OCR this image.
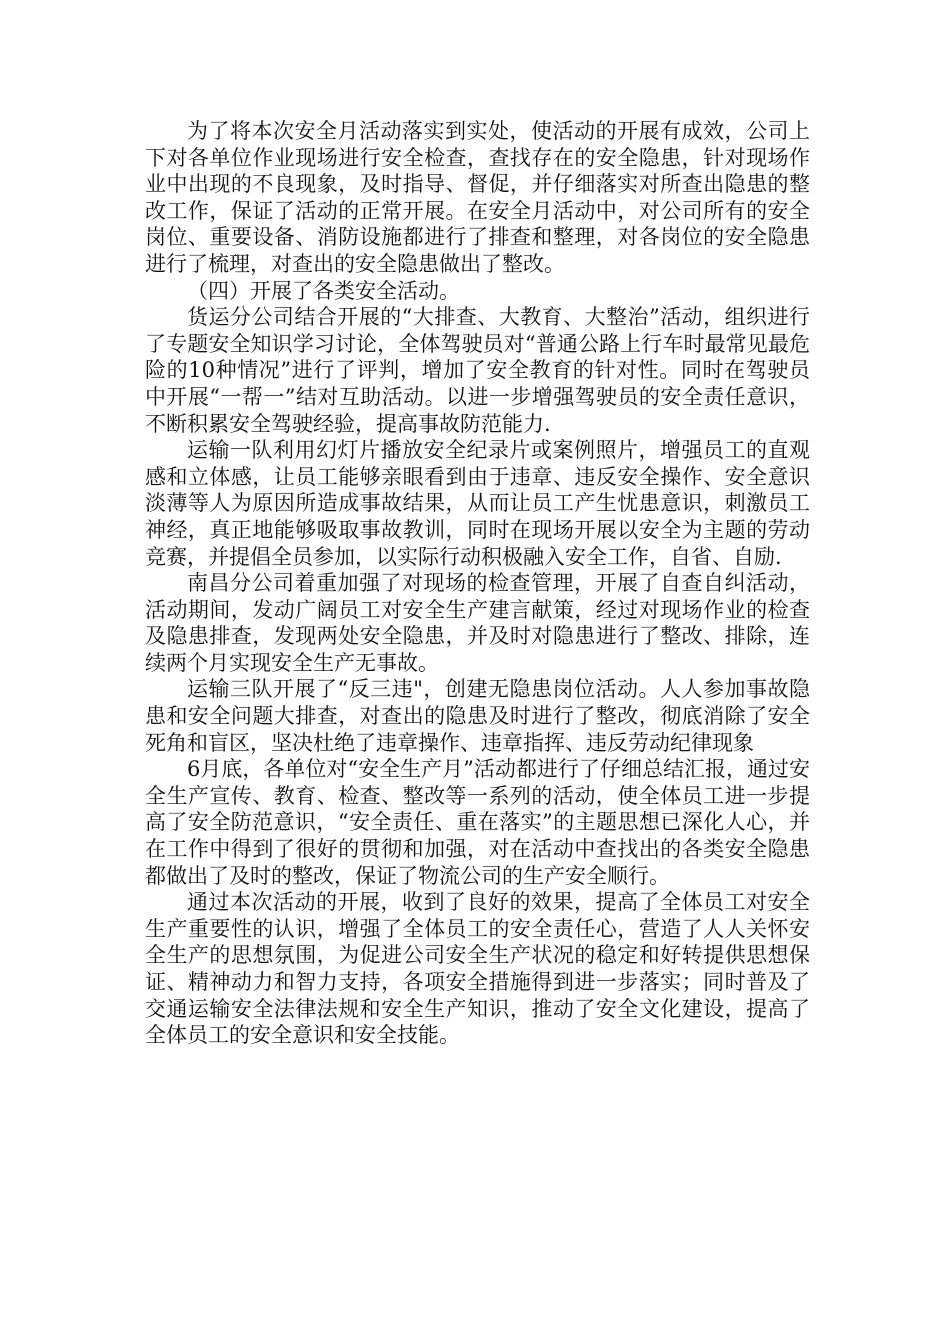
为了将本次安全月活动落实到实处，使活动的开展有成效，公司上下对各单位作业现场进行安全检查，查找存在的安全隐患，针对现场作业中出现的不良现象，及时指导、督促，并仔细落实对所查出隐患的整改工作，保证了活动的正常开展。在安全月活动中，对公司所有的安全岗位、重要设备、消防设施都进行了排查和整理，对各岗位的安全隐患进行了梳理，对查出的安全隐患做出了整改。

（四）开展了各类安全活动。

货运分公司结合开展的“大排查、大教育、大整治”活动，组织进行了专题安全知识学习讨论，全体驾驶员对“普通公路上行车时最常见最危险的10种情况”进行了评判，增加了安全教育的针对性。同时在驾驶员中开展“一帮一”结对互助活动。以进一步增强驾驶员的安全责任意识，不断积累安全驾驶经验，提高事故防范能力.

运输一队利用幻灯片播放安全纪录片或案例照片，增强员工的直观感和立体感，让员工能够亲眼看到由于违章、违反安全操作、安全意识淡薄等人为原因所造成事故结果，从而让员工产生忧患意识，刺激员工神经，真正地能够吸取事故教训，同时在现场开展以安全为主题的劳动竞赛，并提倡全员参加，以实际行动积极融入安全工作，自省、自励.

南昌分公司着重加强了对现场的检查管理，开展了自查自纠活动，活动期间，发动广阔员工对安全生产建言献策，经过对现场作业的检查及隐患排查，发现两处安全隐患，并及时对隐患进行了整改、排除，连续两个月实现安全生产无事故。

运输三队开展了“反三违"，创建无隐患岗位活动。人人参加事故隐患和安全问题大排查，对查出的隐患及时进行了整改，彻底消除了安全死角和盲区，坚决杜绝了违章操作、违章指挥、违反劳动纪律现象

6月底，各单位对“安全生产月”活动都进行了仔细总结汇报，通过安全生产宣传、教育、检查、整改等一系列的活动，使全体员工进一步提高了安全防范意识，“安全责任、重在落实”的主题思想已深化人心，并在工作中得到了很好的贯彻和加强，对在活动中查找出的各类安全隐患都做出了及时的整改，保证了物流公司的生产安全顺行。

通过本次活动的开展，收到了良好的效果，提高了全体员工对安全生产重要性的认识，增强了全体员工的安全责任心，营造了人人关怀安全生产的思想氛围，为促进公司安全生产状况的稳定和好转提供思想保证、精神动力和智力支持，各项安全措施得到进一步落实；同时普及了交通运输安全法律法规和安全生产知识，推动了安全文化建设，提高了全体员工的安全意识和安全技能。
